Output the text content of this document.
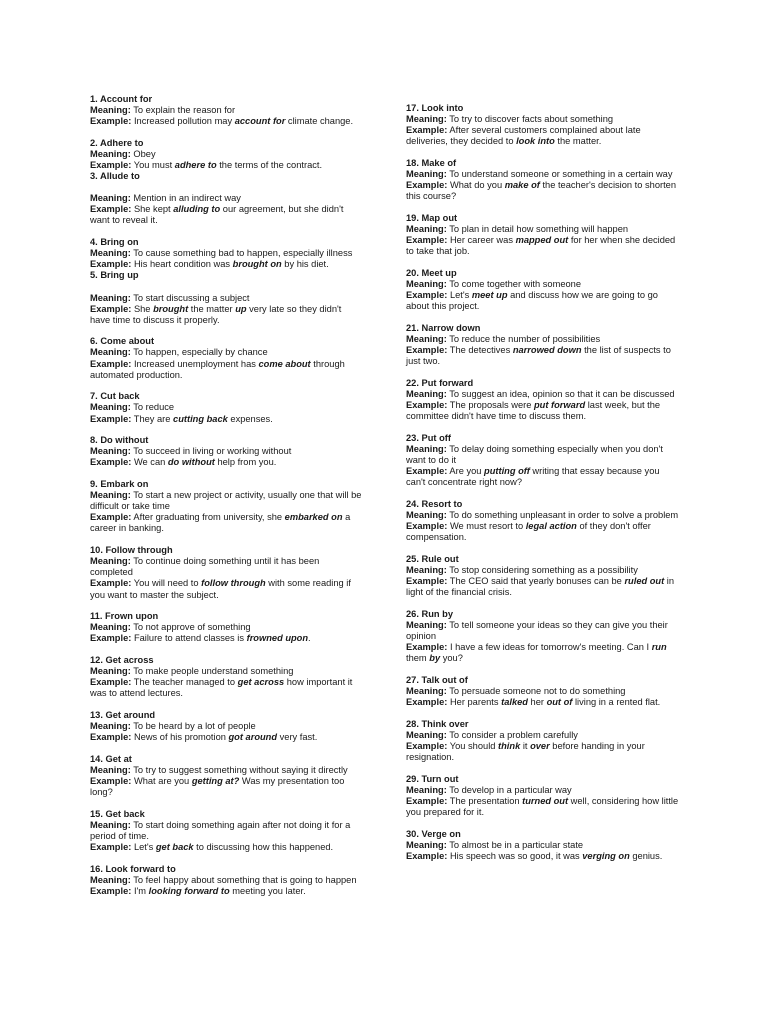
1. Account for

Meaning: To explain the reason for

Example: Increased pollution may account for climate change.

2. Adhere to

Meaning: Obey

Example: You must adhere to the terms of the contract.

3. Allude to

Meaning: Mention in an indirect way

Example: She kept alluding to our agreement, but she didn't want to reveal it.

4. Bring on

Meaning: To cause something bad to happen, especially illness

Example: His heart condition was brought on by his diet.

5. Bring up

Meaning: To start discussing a subject

Example: She brought the matter up very late so they didn't have time to discuss it properly.

6. Come about

Meaning: To happen, especially by chance

Example: Increased unemployment has come about through automated production.

7. Cut back

Meaning: To reduce

Example: They are cutting back expenses.

8. Do without

Meaning: To succeed in living or working without

Example: We can do without help from you.

9. Embark on

Meaning: To start a new project or activity, usually one that will be difficult or take time

Example: After graduating from university, she embarked on a career in banking.

10. Follow through

Meaning: To continue doing something until it has been completed

Example: You will need to follow through with some reading if you want to master the subject.

11. Frown upon

Meaning: To not approve of something

Example: Failure to attend classes is frowned upon.

12. Get across

Meaning: To make people understand something

Example: The teacher managed to get across how important it was to attend lectures.

13. Get around

Meaning: To be heard by a lot of people

Example: News of his promotion got around very fast.

14. Get at

Meaning: To try to suggest something without saying it directly

Example: What are you getting at? Was my presentation too long?

15. Get back

Meaning: To start doing something again after not doing it for a period of time.

Example: Let's get back to discussing how this happened.

16. Look forward to

Meaning: To feel happy about something that is going to happen

Example: I'm looking forward to meeting you later.

17. Look into

Meaning: To try to discover facts about something

Example: After several customers complained about late deliveries, they decided to look into the matter.

18. Make of

Meaning: To understand someone or something in a certain way

Example: What do you make of the teacher's decision to shorten this course?

19. Map out

Meaning: To plan in detail how something will happen

Example: Her career was mapped out for her when she decided to take that job.

20. Meet up

Meaning: To come together with someone

Example: Let's meet up and discuss how we are going to go about this project.

21. Narrow down

Meaning: To reduce the number of possibilities

Example: The detectives narrowed down the list of suspects to just two.

22. Put forward

Meaning: To suggest an idea, opinion so that it can be discussed

Example: The proposals were put forward last week, but the committee didn't have time to discuss them.

23. Put off

Meaning: To delay doing something especially when you don't want to do it

Example: Are you putting off writing that essay because you can't concentrate right now?

24. Resort to

Meaning: To do something unpleasant in order to solve a problem

Example: We must resort to legal action of they don't offer compensation.

25. Rule out

Meaning: To stop considering something as a possibility

Example: The CEO said that yearly bonuses can be ruled out in light of the financial crisis.

26. Run by

Meaning: To tell someone your ideas so they can give you their opinion

Example: I have a few ideas for tomorrow's meeting. Can I run them by you?

27. Talk out of

Meaning: To persuade someone not to do something

Example: Her parents talked her out of living in a rented flat.

28. Think over

Meaning: To consider a problem carefully

Example: You should think it over before handing in your resignation.

29. Turn out

Meaning: To develop in a particular way

Example: The presentation turned out well, considering how little you prepared for it.

30. Verge on

Meaning: To almost be in a particular state

Example: His speech was so good, it was verging on genius.
